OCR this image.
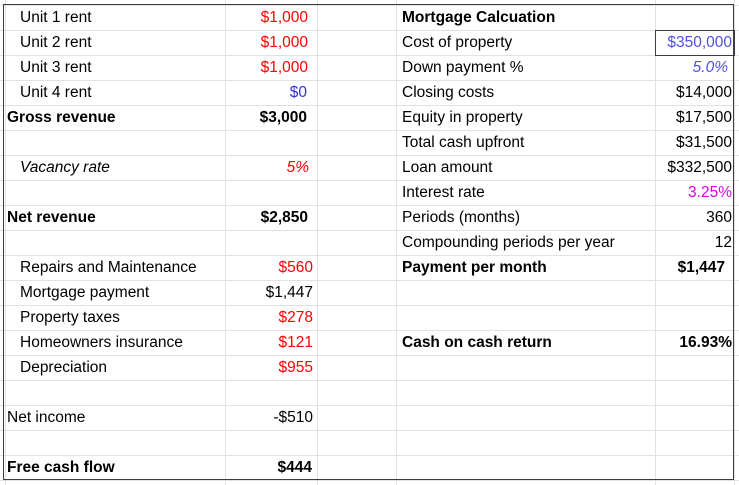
Unit 1 rent	$1,000
Unit 2 rent	$1,000
Unit 3 rent	$1,000
Unit 4 rent	$0
Gross revenue	$3,000
Vacancy rate	5%
Net revenue	$2,850
Repairs and Maintenance	$560
Mortgage payment	$1,447
Property taxes	$278
Homeowners insurance	$121
Depreciation	$955
Net income	-$510
Free cash flow	$444
Mortgage Calcuation
Cost of property	$350,000
Down payment %	5.0%
Closing costs	$14,000
Equity in property	$17,500
Total cash upfront	$31,500
Loan amount	$332,500
Interest rate	3.25%
Periods (months)	360
Compounding periods per year	12
Payment per month	$1,447
Cash on cash return	16.93%
